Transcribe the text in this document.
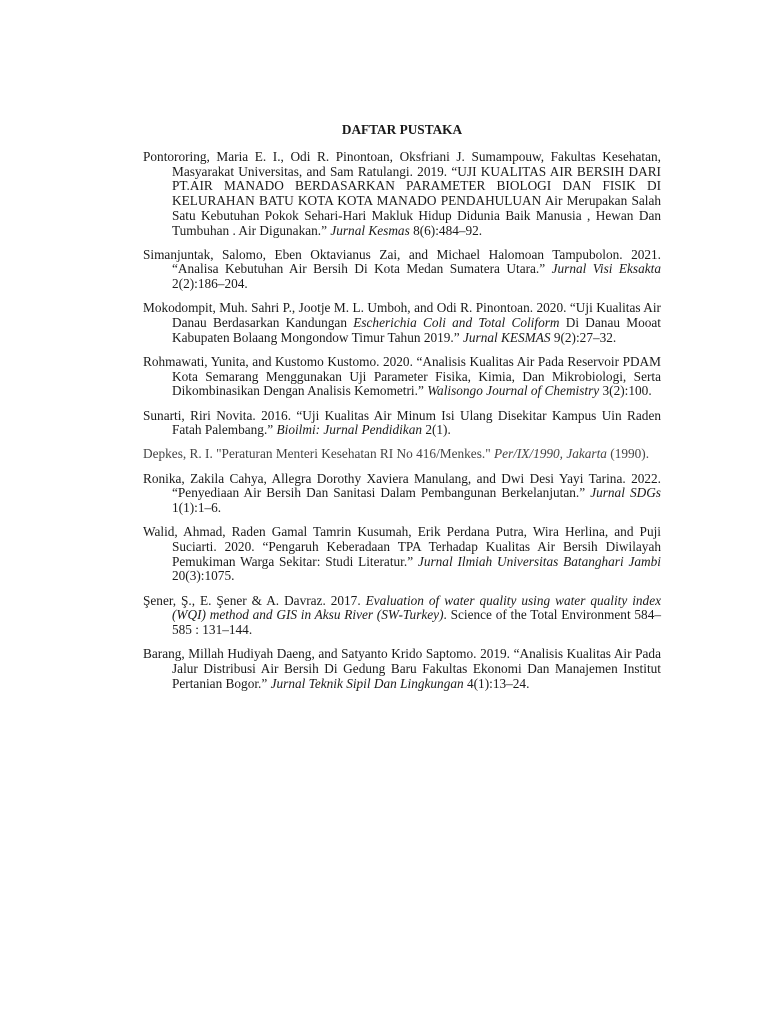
DAFTAR PUSTAKA
Pontororing, Maria E. I., Odi R. Pinontoan, Oksfriani J. Sumampouw, Fakultas Kesehatan, Masyarakat Universitas, and Sam Ratulangi. 2019. “UJI KUALITAS AIR BERSIH DARI PT.AIR MANADO BERDASARKAN PARAMETER BIOLOGI DAN FISIK DI KELURAHAN BATU KOTA KOTA MANADO PENDAHULUAN Air Merupakan Salah Satu Kebutuhan Pokok Sehari-Hari Makluk Hidup Didunia Baik Manusia , Hewan Dan Tumbuhan . Air Digunakan.” Jurnal Kesmas 8(6):484–92.
Simanjuntak, Salomo, Eben Oktavianus Zai, and Michael Halomoan Tampubolon. 2021. “Analisa Kebutuhan Air Bersih Di Kota Medan Sumatera Utara.” Jurnal Visi Eksakta 2(2):186–204.
Mokodompit, Muh. Sahri P., Jootje M. L. Umboh, and Odi R. Pinontoan. 2020. “Uji Kualitas Air Danau Berdasarkan Kandungan Escherichia Coli and Total Coliform Di Danau Mooat Kabupaten Bolaang Mongondow Timur Tahun 2019.” Jurnal KESMAS 9(2):27–32.
Rohmawati, Yunita, and Kustomo Kustomo. 2020. “Analisis Kualitas Air Pada Reservoir PDAM Kota Semarang Menggunakan Uji Parameter Fisika, Kimia, Dan Mikrobiologi, Serta Dikombinasikan Dengan Analisis Kemometri.” Walisongo Journal of Chemistry 3(2):100.
Sunarti, Riri Novita. 2016. “Uji Kualitas Air Minum Isi Ulang Disekitar Kampus Uin Raden Fatah Palembang.” Bioilmi: Jurnal Pendidikan 2(1).
Depkes, R. I. "Peraturan Menteri Kesehatan RI No 416/Menkes." Per/IX/1990, Jakarta (1990).
Ronika, Zakila Cahya, Allegra Dorothy Xaviera Manulang, and Dwi Desi Yayi Tarina. 2022. “Penyediaan Air Bersih Dan Sanitasi Dalam Pembangunan Berkelanjutan.” Jurnal SDGs 1(1):1–6.
Walid, Ahmad, Raden Gamal Tamrin Kusumah, Erik Perdana Putra, Wira Herlina, and Puji Suciarti. 2020. “Pengaruh Keberadaan TPA Terhadap Kualitas Air Bersih Diwilayah Pemukiman Warga Sekitar: Studi Literatur.” Jurnal Ilmiah Universitas Batanghari Jambi 20(3):1075.
Şener, Ş., E. Şener & A. Davraz. 2017. Evaluation of water quality using water quality index (WQI) method and GIS in Aksu River (SW-Turkey). Science of the Total Environment 584–585 : 131–144.
Barang, Millah Hudiyah Daeng, and Satyanto Krido Saptomo. 2019. “Analisis Kualitas Air Pada Jalur Distribusi Air Bersih Di Gedung Baru Fakultas Ekonomi Dan Manajemen Institut Pertanian Bogor.” Jurnal Teknik Sipil Dan Lingkungan 4(1):13–24.
